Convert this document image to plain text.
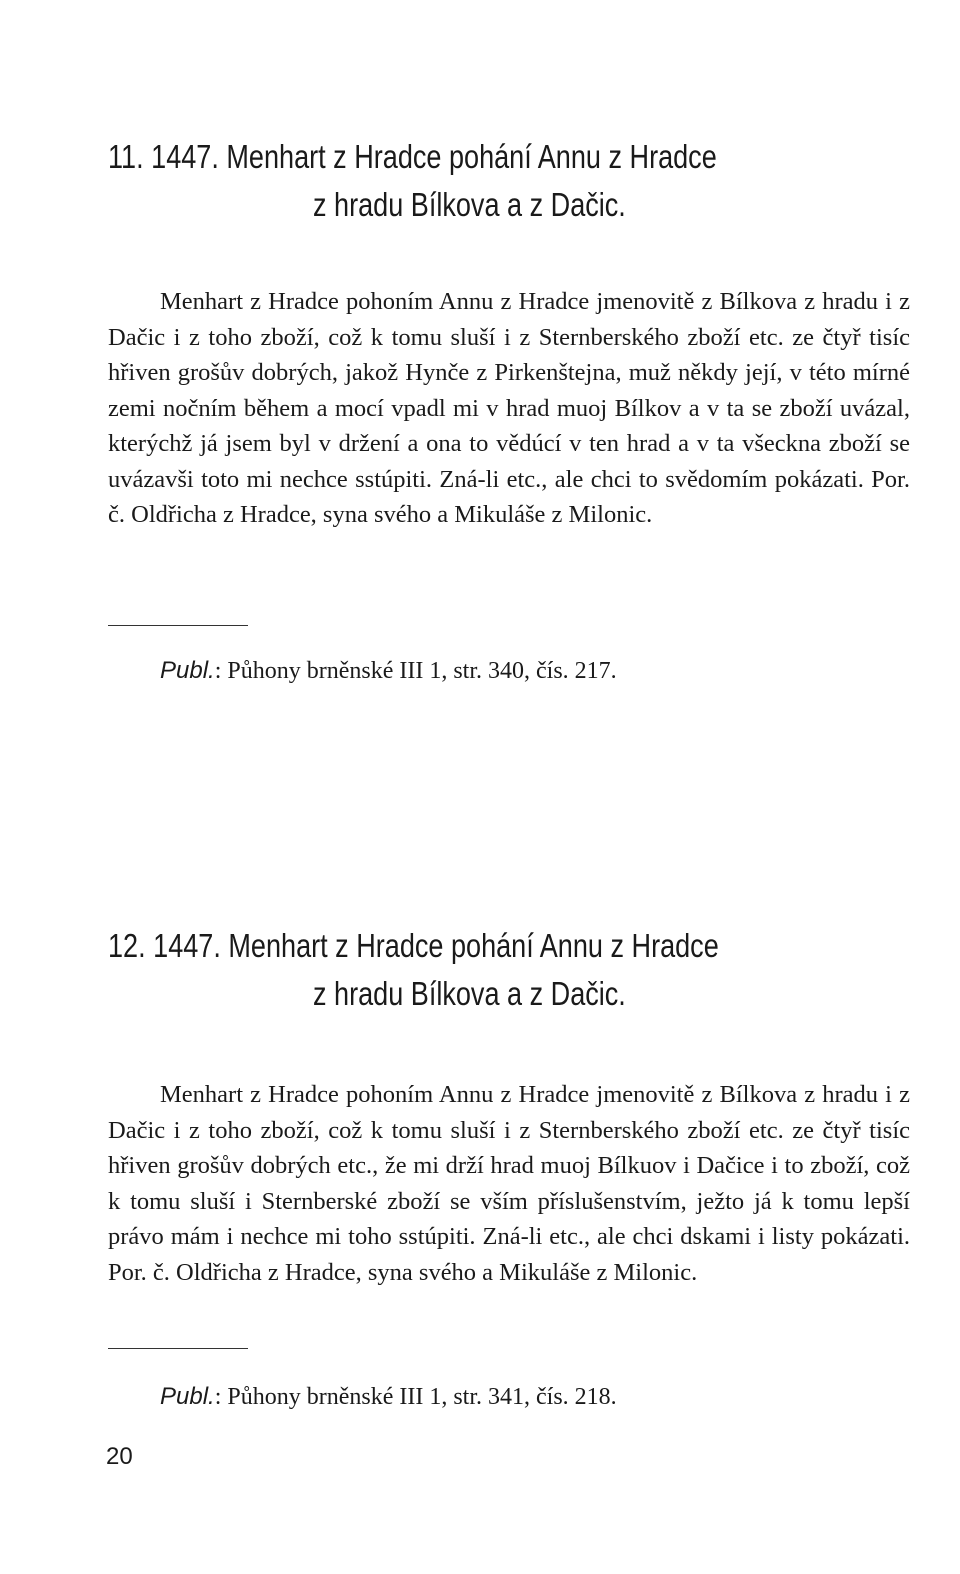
11. 1447. Menhart z Hradce pohání Annu z Hradce
z hradu Bílkova a z Dačic.

Menhart z Hradce pohoním Annu z Hradce jmenovitě z Bílkova z hradu i z Dačic i z toho zboží, což k tomu sluší i z Sternberského zboží etc. ze čtyř tisíc hřiven grošův dobrých, jakož Hynče z Pirkenštejna, muž někdy její, v této mírné zemi nočním během a mocí vpadl mi v hrad muoj Bílkov a v ta se zboží uvázal, kterýchž já jsem byl v držení a ona to vědúcí v ten hrad a v ta všeckna zboží se uvázavši toto mi nechce sstúpiti. Zná-li etc., ale chci to svědomím pokázati. Por. č. Oldřicha z Hradce, syna svého a Mikuláše z Milonic.

Publ.: Půhony brněnské III 1, str. 340, čís. 217.
12. 1447. Menhart z Hradce pohání Annu z Hradce
z hradu Bílkova a z Dačic.

Menhart z Hradce pohoním Annu z Hradce jmenovitě z Bílkova z hradu i z Dačic i z toho zboží, což k tomu sluší i z Sternberského zboží etc. ze čtyř tisíc hřiven grošův dobrých etc., že mi drží hrad muoj Bílkuov i Dačice i to zboží, což k tomu sluší i Sternberské zboží se vším příslušenstvím, ježto já k tomu lepší právo mám i nechce mi toho sstúpiti. Zná-li etc., ale chci dskami i listy pokázati. Por. č. Oldřicha z Hradce, syna svého a Mikuláše z Milonic.

Publ.: Půhony brněnské III 1, str. 341, čís. 218.
20
